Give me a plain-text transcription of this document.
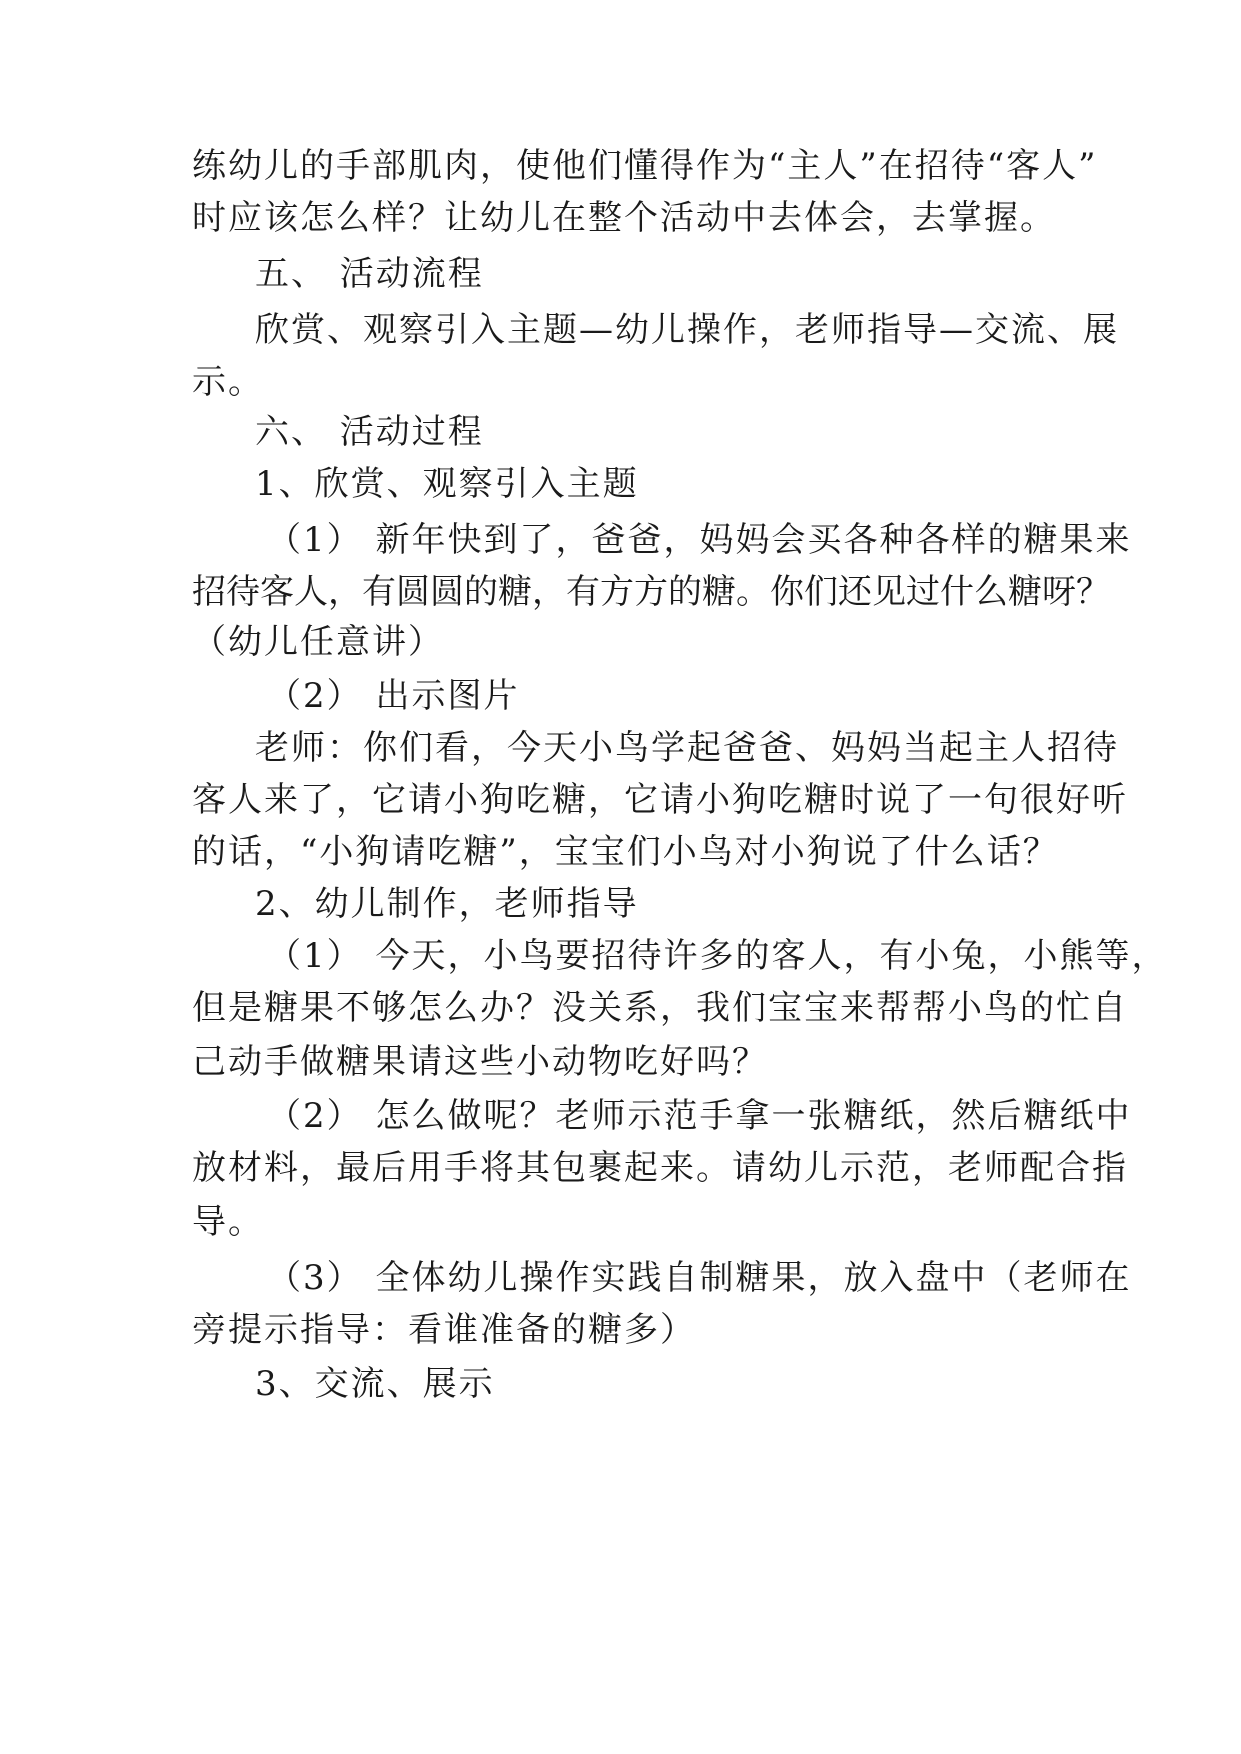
练幼儿的手部肌肉，使他们懂得作为“主人”在招待“客人”

时应该怎么样？让幼儿在整个活动中去体会，去掌握。

五、 活动流程

欣赏、观察引入主题—幼儿操作，老师指导—交流、展

示。

六、 活动过程

1、欣赏、观察引入主题

（1） 新年快到了，爸爸，妈妈会买各种各样的糖果来

招待客人，有圆圆的糖，有方方的糖。你们还见过什么糖呀？

（幼儿任意讲）

（2） 出示图片

老师：你们看，今天小鸟学起爸爸、妈妈当起主人招待

客人来了，它请小狗吃糖，它请小狗吃糖时说了一句很好听

的话，“小狗请吃糖”，宝宝们小鸟对小狗说了什么话？

2、幼儿制作，老师指导

（1） 今天，小鸟要招待许多的客人，有小兔，小熊等，

但是糖果不够怎么办？没关系，我们宝宝来帮帮小鸟的忙自

己动手做糖果请这些小动物吃好吗？

（2） 怎么做呢？老师示范手拿一张糖纸，然后糖纸中

放材料，最后用手将其包裹起来。请幼儿示范，老师配合指

导。

（3） 全体幼儿操作实践自制糖果，放入盘中（老师在

旁提示指导：看谁准备的糖多）

3、交流、展示
